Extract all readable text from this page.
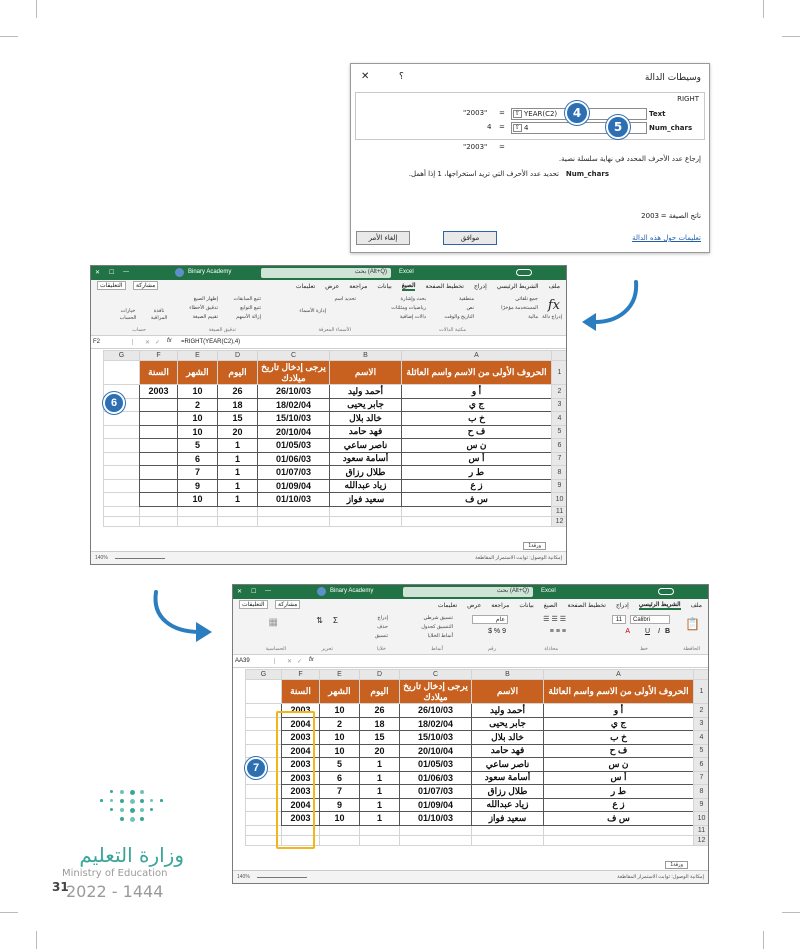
وسيطات الدالة
؟
✕
RIGHT
Text
⇧ YEAR(C2)
=
"2003"
Num_chars
⇧ 4
=
4
=
"2003"
إرجاع عدد الأحرف المحدد في نهاية سلسلة نصية.
Num_chars
تحديد عدد الأحرف التي تريد استخراجها، 1 إذا أهمل.
ناتج الصيغة =
2003
تعليمات حول هذه الدالة
موافق
إلغاء الأمر
4
5
✕ ☐ —	Binary Academy	بحث (Alt+Q)	Excel
ملف
الشريط الرئيسي
إدراج
تخطيط الصفحة
الصيغ
بيانات
مراجعة
عرض
تعليمات
مشاركة
التعليقات
fx
إدراج دالة
جمع تلقائي
المستخدمة مؤخرًا
مالية
منطقية
نص
التاريخ والوقت
بحث وإشارة
رياضيات ومثلثات
دالات إضافية
مكتبة الدالات
تحديد اسم
إدارة الأسماء
الأسماء المعرفة
تتبع السابقات
تتبع التوابع
إزالة الأسهم
إظهار الصيغ
تدقيق الأخطاء
تقييم الصيغة
تدقيق الصيغة
نافذة المراقبة
خيارات الحساب
حساب
F2	✕ ✓ fx =RIGHT(YEAR(C2),4)
	A	B	C	D	E	F	G
1	الحروف الأولى من الاسم واسم العائلة	الاسم	يرجى إدخال تاريخ ميلادك	اليوم	الشهر	السنة	
2	أ و	أحمد وليد	26/10/03	26	10	2003	
3	ج ي	جابر يحيى	18/02/04	18	2		
4	خ ب	خالد بلال	15/10/03	15	10		
5	ف ح	فهد حامد	20/10/04	20	10		
6	ن س	ناصر ساعي	01/05/03	1	5		
7	أ س	أسامة سعود	01/06/03	1	6		
8	ط ر	طلال رزاق	01/07/03	1	7		
9	ز ع	زياد عبدالله	01/09/04	1	9		
10	س ف	سعيد فواز	01/10/03	1	10		
11							
12							
6
إمكانية الوصول: ثوابت الاستمرار المقاطعة
140%
ورقة1
✕ ☐ —	Binary Academy	بحث (Alt+Q)	Excel
ملف
الشريط الرئيسي
إدراج
تخطيط الصفحة
الصيغ
بيانات
مراجعة
عرض
تعليمات
مشاركة
التعليقات
📋
Calibri
11
B
I
U
A
☰☰☰
≡≡≡
عام
$ % 9
تنسيق شرطي
التنسيق كجدول
أنماط الخلايا
إدراج
حذف
تنسيق
Σ
⇅
▦
الحافظة
خط
محاذاة
رقم
أنماط
خلايا
تحرير
الحساسية
AA39	✕ ✓ fx
	A	B	C	D	E	F	G
1	الحروف الأولى من الاسم واسم العائلة	الاسم	يرجى إدخال تاريخ ميلادك	اليوم	الشهر	السنة	
2	أ و	أحمد وليد	26/10/03	26	10	2003	
3	ج ي	جابر يحيى	18/02/04	18	2	2004	
4	خ ب	خالد بلال	15/10/03	15	10	2003	
5	ف ح	فهد حامد	20/10/04	20	10	2004	
6	ن س	ناصر ساعي	01/05/03	1	5	2003	
7	أ س	أسامة سعود	01/06/03	1	6	2003	
8	ط ر	طلال رزاق	01/07/03	1	7	2003	
9	ز ع	زياد عبدالله	01/09/04	1	9	2004	
10	س ف	سعيد فواز	01/10/03	1	10	2003	
11							
12							
7
إمكانية الوصول: ثوابت الاستمرار المقاطعة
140%
ورقة1
وزارة التعليم
Ministry of Education
31
2022 - 1444
